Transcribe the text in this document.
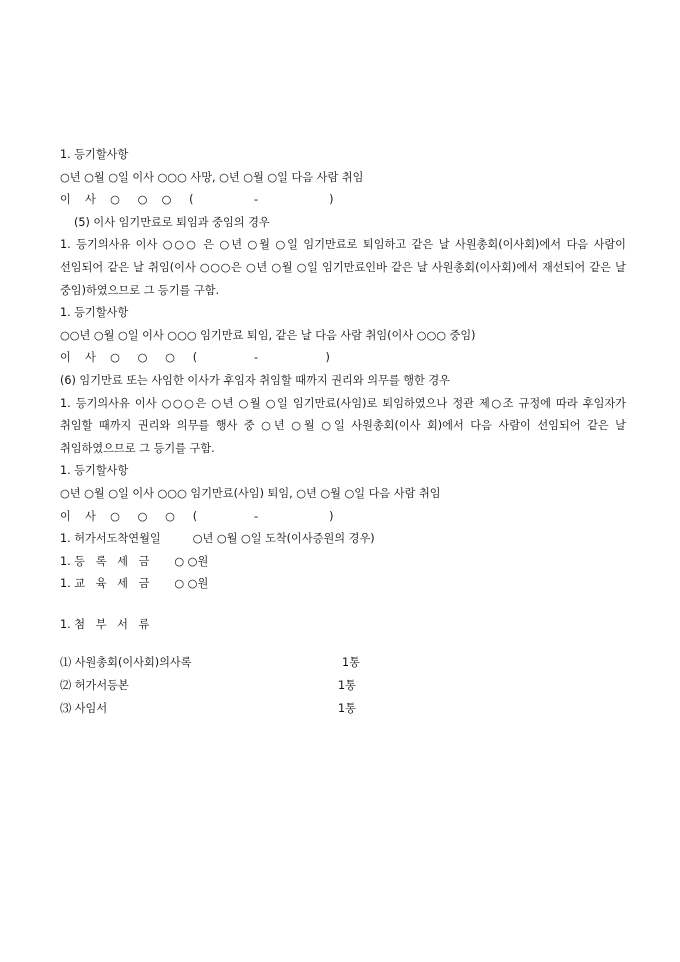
1. 등기할사항
○년 ○월 ○일 이사 ○○○ 사망, ○년 ○월 ○일 다음 사람 취임
이    사    ○     ○    ○     (                 -                    )
(5) 이사 임기만료로 퇴임과 중임의 경우
1. 등기의사유 이사 ○○○ 은 ○년 ○월 ○일 임기만료로 퇴임하고 같은 날 사원총회(이사회)에서 다음 사람이 선임되어 같은 날 취임(이사 ○○○은 ○년 ○월 ○일 임기만료인바 같은 날 사원총회(이사회)에서 재선되어 같은 날 중임)하였으므로 그 등기를 구함.
1. 등기할사항
○○년 ○월 ○일 이사 ○○○ 임기만료 퇴임, 같은 날 다음 사람 취임(이사 ○○○ 중임)
이    사    ○     ○     ○     (                -                   )
(6) 임기만료 또는 사임한 이사가 후임자 취임할 때까지 권리와 의무를 행한 경우
1. 등기의사유 이사 ○○○은 ○년 ○월 ○일 임기만료(사임)로 퇴임하였으나 정관 제○조 규정에 따라 후임자가 취임할 때까지 권리와 의무를 행사 중 ○년 ○월 ○일 사원총회(이사 회)에서 다음 사람이 선임되어 같은 날 취임하였으므로 그 등기를 구함.
1. 등기할사항
○년 ○월 ○일 이사 ○○○ 임기만료(사임) 퇴임, ○년 ○월 ○일 다음 사람 취임
이    사    ○     ○     ○     (                -                    )
1. 허가서도착연월일         ○년 ○월 ○일 도착(이사증원의 경우)
1. 등   록   세   금       ○ ○원
1. 교   육   세   금       ○ ○원
1. 첨   부   서   류
⑴ 사원총회(이사회)의사록	1통
⑵ 허가서등본	1통
⑶ 사임서	1통
